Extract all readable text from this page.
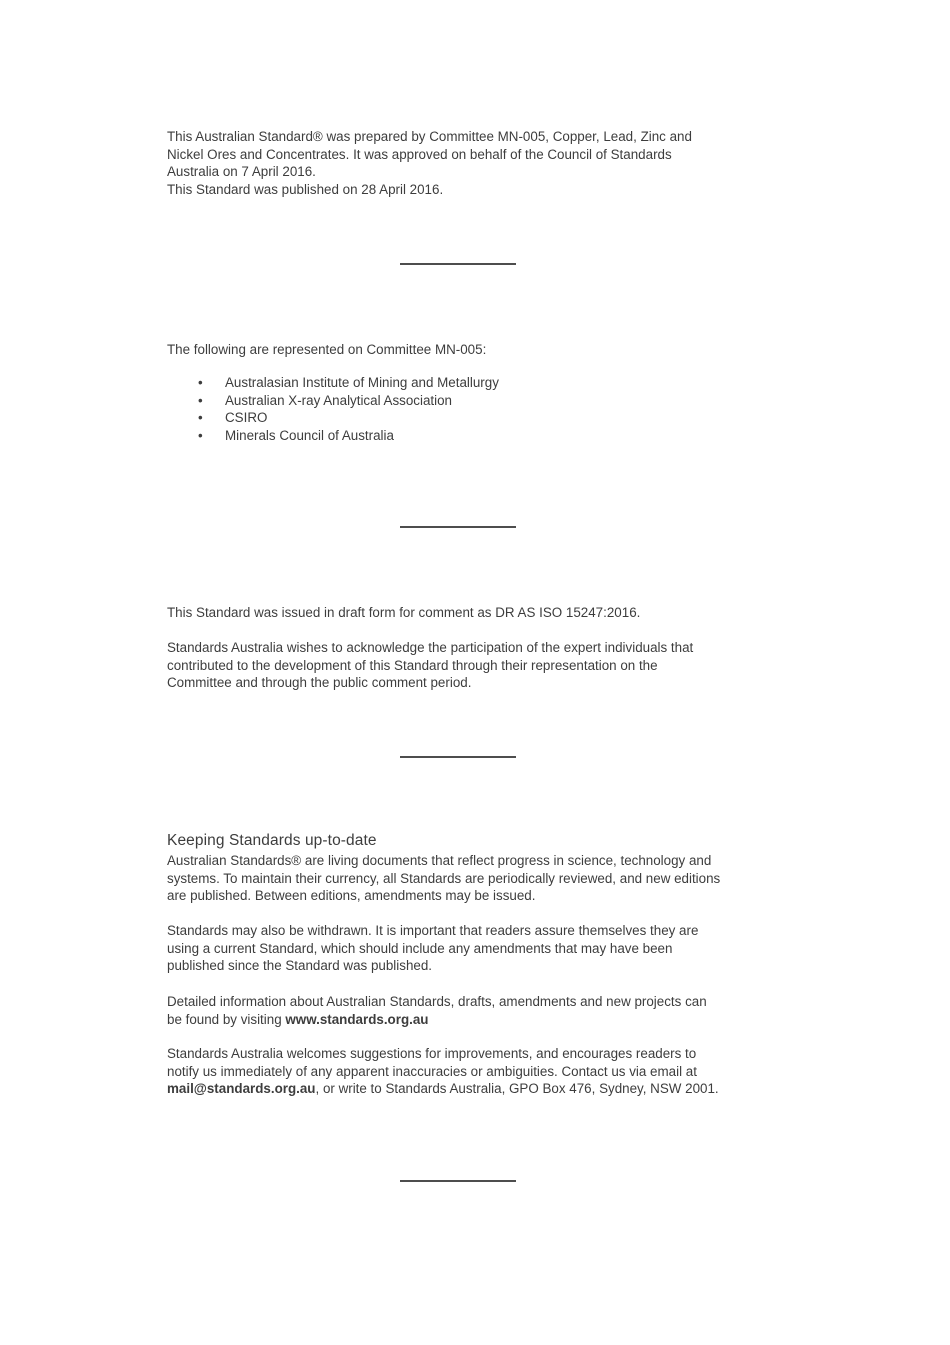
This Australian Standard® was prepared by Committee MN-005, Copper, Lead, Zinc and
Nickel Ores and Concentrates. It was approved on behalf of the Council of Standards
Australia on 7 April 2016.
This Standard was published on 28 April 2016.

The following are represented on Committee MN-005:

•	Australasian Institute of Mining and Metallurgy
•	Australian X-ray Analytical Association
•	CSIRO
•	Minerals Council of Australia

This Standard was issued in draft form for comment as DR AS ISO 15247:2016.

Standards Australia wishes to acknowledge the participation of the expert individuals that
contributed to the development of this Standard through their representation on the
Committee and through the public comment period.
Keeping Standards up-to-date
Australian Standards® are living documents that reflect progress in science, technology and
systems. To maintain their currency, all Standards are periodically reviewed, and new editions
are published. Between editions, amendments may be issued.
Standards may also be withdrawn. It is important that readers assure themselves they are
using a current Standard, which should include any amendments that may have been
published since the Standard was published.
Detailed information about Australian Standards, drafts, amendments and new projects can
be found by visiting www.standards.org.au
Standards Australia welcomes suggestions for improvements, and encourages readers to
notify us immediately of any apparent inaccuracies or ambiguities. Contact us via email at
mail@standards.org.au, or write to Standards Australia, GPO Box 476, Sydney, NSW 2001.
